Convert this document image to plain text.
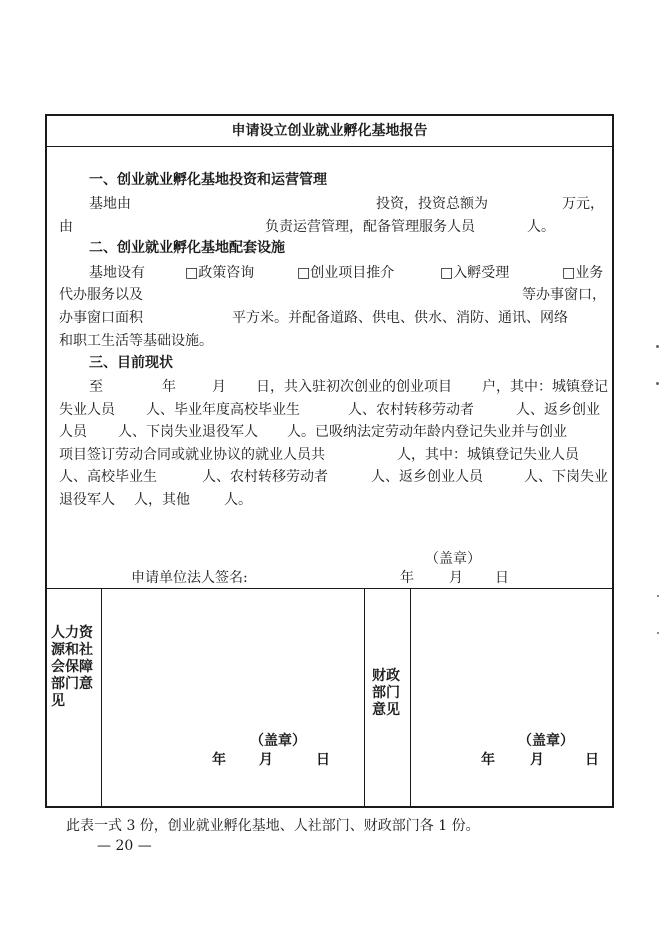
申请设立创业就业孵化基地报告
一、创业就业孵化基地投资和运营管理
基地由	投资，投资总额为	万元，
由	负责运营管理，配备管理服务人员	人。
二、创业就业孵化基地配套设施
基地设有	□政策咨询	□创业项目推介	□入孵受理	□业务
代办服务以及	等办事窗口，
办事窗口面积	平方米。并配备道路、供电、供水、消防、通讯、网络
和职工生活等基础设施。
三、目前现状
至	年	月 日，共入驻初次创业的创业项目 户，其中：城镇登记
失业人员 人、毕业年度高校毕业生	人、农村转移劳动者	人、返乡创业
人员 人、下岗失业退役军人 人。已吸纳法定劳动年龄内登记失业并与创业
项目签订劳动合同或就业协议的就业人员共	人，其中：城镇登记失业人员
人、高校毕业生	人、农村转移劳动者	人、返乡创业人员	人、下岗失业
退役军人 人，其他 人。
（盖章）
申请单位法人签名:	年	月 日
人力资源和社会保障部门意见
（盖章）
年 月	日
财政部门意见
（盖章）
年	月	日
此表一式 3 份，创业就业孵化基地、人社部门、财政部门各 1 份。
— 20 —
